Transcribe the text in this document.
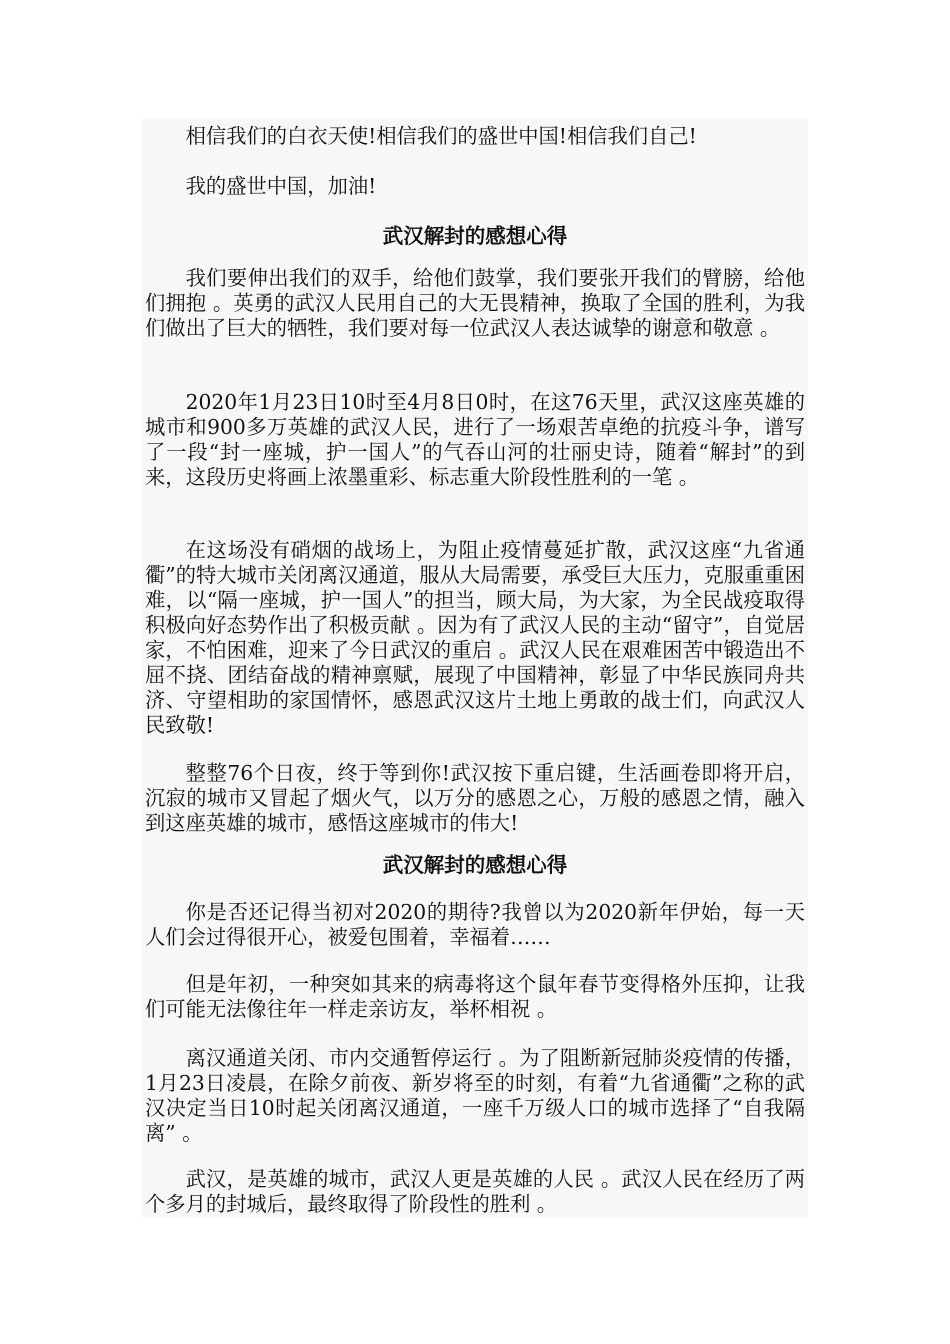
相信我们的白衣天使!相信我们的盛世中国!相信我们自己!

我的盛世中国，加油!

武汉解封的感想心得

我们要伸出我们的双手，给他们鼓掌，我们要张开我们的臂膀，给他们拥抱 。英勇的武汉人民用自己的大无畏精神，换取了全国的胜利，为我们做出了巨大的牺牲，我们要对每一位武汉人表达诚挚的谢意和敬意 。

2020年1月23日10时至4月8日0时，在这76天里，武汉这座英雄的城市和900多万英雄的武汉人民，进行了一场艰苦卓绝的抗疫斗争，谱写了一段“封一座城，护一国人”的气吞山河的壮丽史诗，随着“解封”的到来，这段历史将画上浓墨重彩、标志重大阶段性胜利的一笔 。

在这场没有硝烟的战场上，为阻止疫情蔓延扩散，武汉这座“九省通衢”的特大城市关闭离汉通道，服从大局需要，承受巨大压力，克服重重困难，以“隔一座城，护一国人”的担当，顾大局，为大家，为全民战疫取得积极向好态势作出了积极贡献 。因为有了武汉人民的主动“留守”，自觉居家，不怕困难，迎来了今日武汉的重启 。武汉人民在艰难困苦中锻造出不屈不挠、团结奋战的精神禀赋，展现了中国精神，彰显了中华民族同舟共济、守望相助的家国情怀，感恩武汉这片土地上勇敢的战士们，向武汉人民致敬!

整整76个日夜，终于等到你!武汉按下重启键，生活画卷即将开启，沉寂的城市又冒起了烟火气，以万分的感恩之心，万般的感恩之情，融入到这座英雄的城市，感悟这座城市的伟大!

武汉解封的感想心得

你是否还记得当初对2020的期待?我曾以为2020新年伊始，每一天人们会过得很开心，被爱包围着，幸福着……

但是年初，一种突如其来的病毒将这个鼠年春节变得格外压抑，让我们可能无法像往年一样走亲访友，举杯相祝 。

离汉通道关闭、市内交通暂停运行 。为了阻断新冠肺炎疫情的传播，1月23日凌晨，在除夕前夜、新岁将至的时刻，有着“九省通衢”之称的武汉决定当日10时起关闭离汉通道，一座千万级人口的城市选择了“自我隔离” 。

武汉，是英雄的城市，武汉人更是英雄的人民 。武汉人民在经历了两个多月的封城后，最终取得了阶段性的胜利 。
